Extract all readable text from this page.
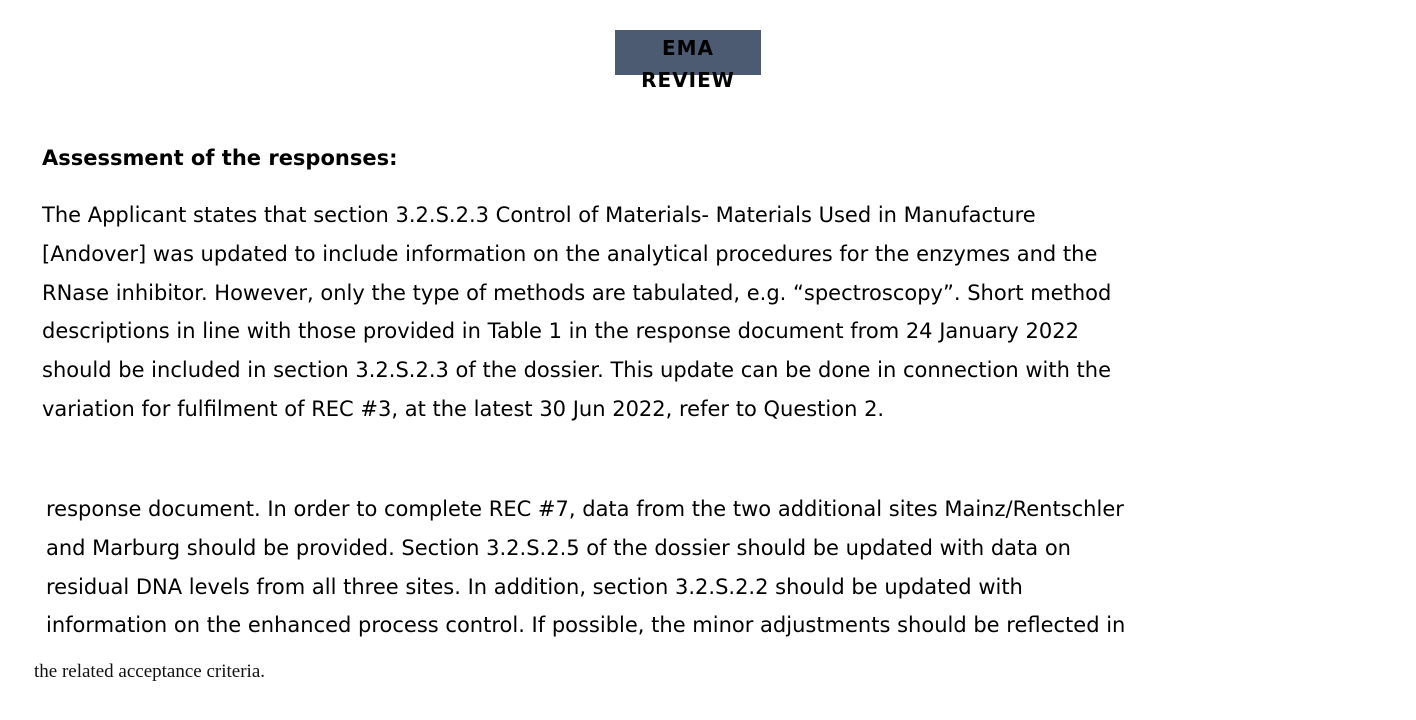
EMA
REVIEW
Assessment of the responses:

The Applicant states that section 3.2.S.2.3 Control of Materials- Materials Used in Manufacture
[Andover] was updated to include information on the analytical procedures for the enzymes and the
RNase inhibitor. However, only the type of methods are tabulated, e.g. “spectroscopy”. Short method
descriptions in line with those provided in Table 1 in the response document from 24 January 2022
should be included in section 3.2.S.2.3 of the dossier. This update can be done in connection with the
variation for fulfilment of REC #3, at the latest 30 Jun 2022, refer to Question 2.

response document. In order to complete REC #7, data from the two additional sites Mainz/Rentschler
and Marburg should be provided. Section 3.2.S.2.5 of the dossier should be updated with data on
residual DNA levels from all three sites. In addition, section 3.2.S.2.2 should be updated with
information on the enhanced process control. If possible, the minor adjustments should be reflected in

the related acceptance criteria.
